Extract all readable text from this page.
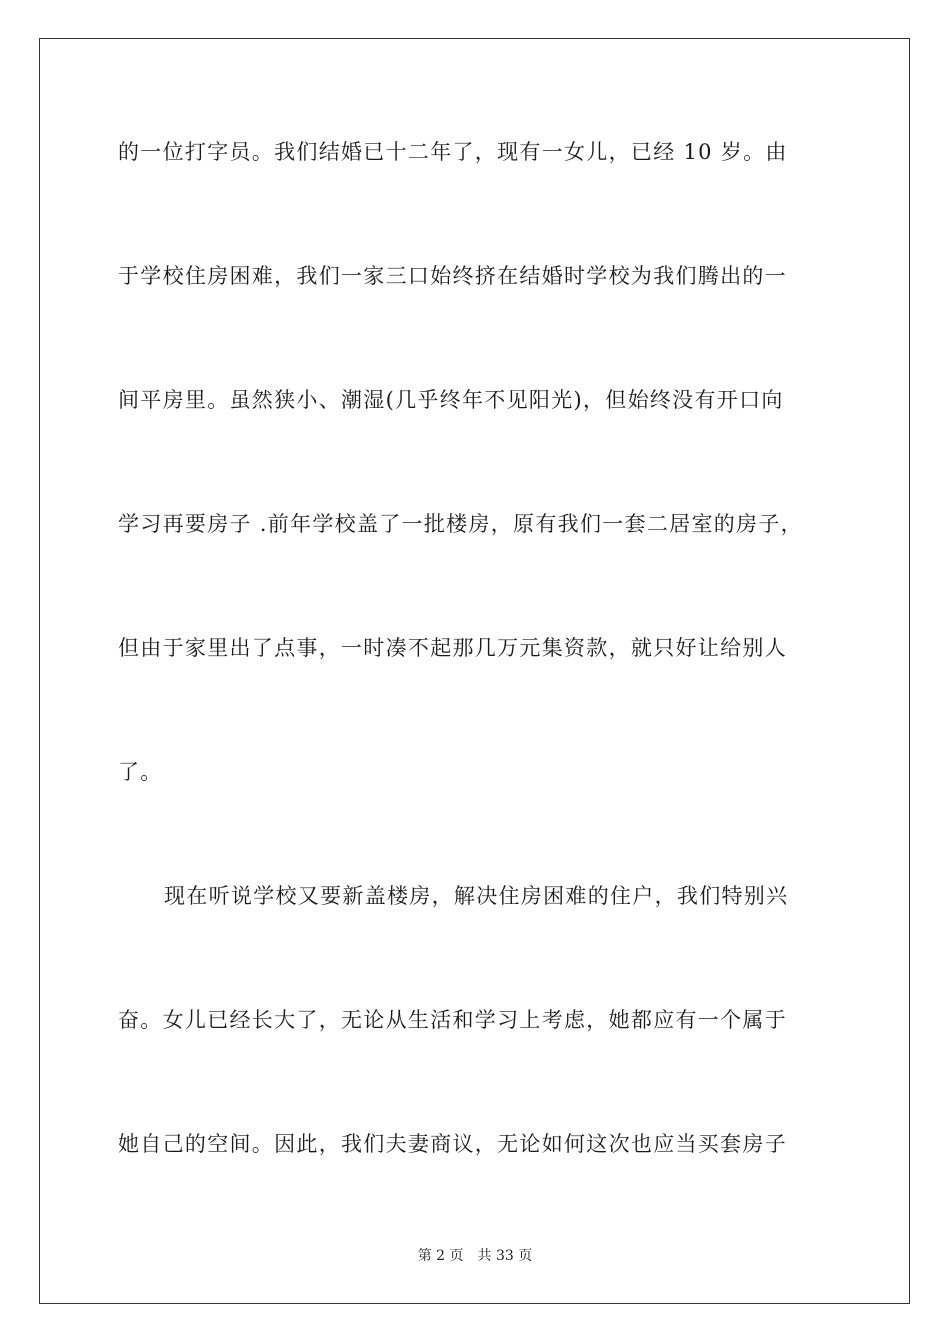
的一位打字员。我们结婚已十二年了，现有一女儿，已经 10 岁。由
于学校住房困难，我们一家三口始终挤在结婚时学校为我们腾出的一
间平房里。虽然狭小、潮湿(几乎终年不见阳光)，但始终没有开口向
学习再要房子 .前年学校盖了一批楼房，原有我们一套二居室的房子，
但由于家里出了点事，一时凑不起那几万元集资款，就只好让给别人
了。
现在听说学校又要新盖楼房，解决住房困难的住户，我们特别兴
奋。女儿已经长大了，无论从生活和学习上考虑，她都应有一个属于
她自己的空间。因此，我们夫妻商议，无论如何这次也应当买套房子
第 2 页 共 33 页
